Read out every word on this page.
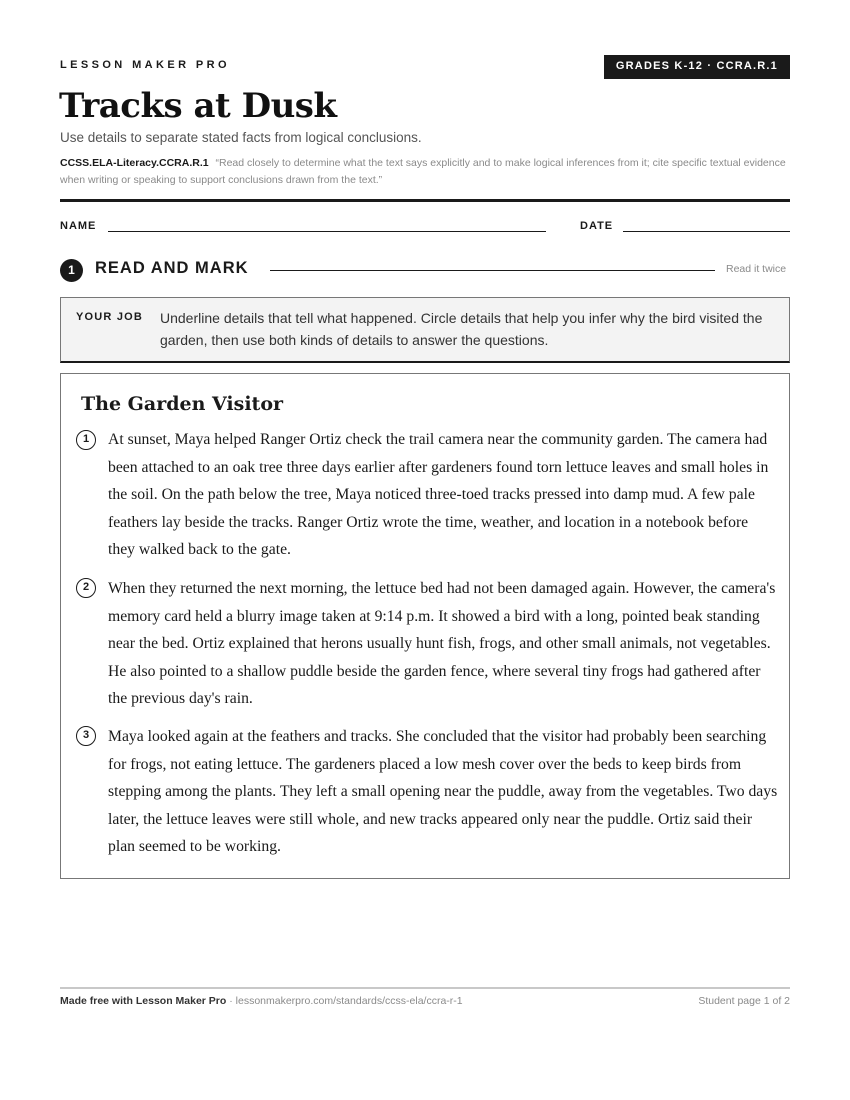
LESSON MAKER PRO	GRADES K-12 · CCRA.R.1
Tracks at Dusk
Use details to separate stated facts from logical conclusions.
CCSS.ELA-Literacy.CCRA.R.1 “Read closely to determine what the text says explicitly and to make logical inferences from it; cite specific textual evidence when writing or speaking to support conclusions drawn from the text.”
NAME	DATE
1	READ AND MARK	Read it twice
YOUR JOB Underline details that tell what happened. Circle details that help you infer why the bird visited the garden, then use both kinds of details to answer the questions.
The Garden Visitor
1	At sunset, Maya helped Ranger Ortiz check the trail camera near the community garden. The camera had been attached to an oak tree three days earlier after gardeners found torn lettuce leaves and small holes in the soil. On the path below the tree, Maya noticed three-toed tracks pressed into damp mud. A few pale feathers lay beside the tracks. Ranger Ortiz wrote the time, weather, and location in a notebook before they walked back to the gate.

2	When they returned the next morning, the lettuce bed had not been damaged again. However, the camera's memory card held a blurry image taken at 9:14 p.m. It showed a bird with a long, pointed beak standing near the bed. Ortiz explained that herons usually hunt fish, frogs, and other small animals, not vegetables. He also pointed to a shallow puddle beside the garden fence, where several tiny frogs had gathered after the previous day's rain.

3	Maya looked again at the feathers and tracks. She concluded that the visitor had probably been searching for frogs, not eating lettuce. The gardeners placed a low mesh cover over the beds to keep birds from stepping among the plants. They left a small opening near the puddle, away from the vegetables. Two days later, the lettuce leaves were still whole, and new tracks appeared only near the puddle. Ortiz said their plan seemed to be working.

Made free with Lesson Maker Pro · lessonmakerpro.com/standards/ccss-ela/ccra-r-1	Student page 1 of 2
